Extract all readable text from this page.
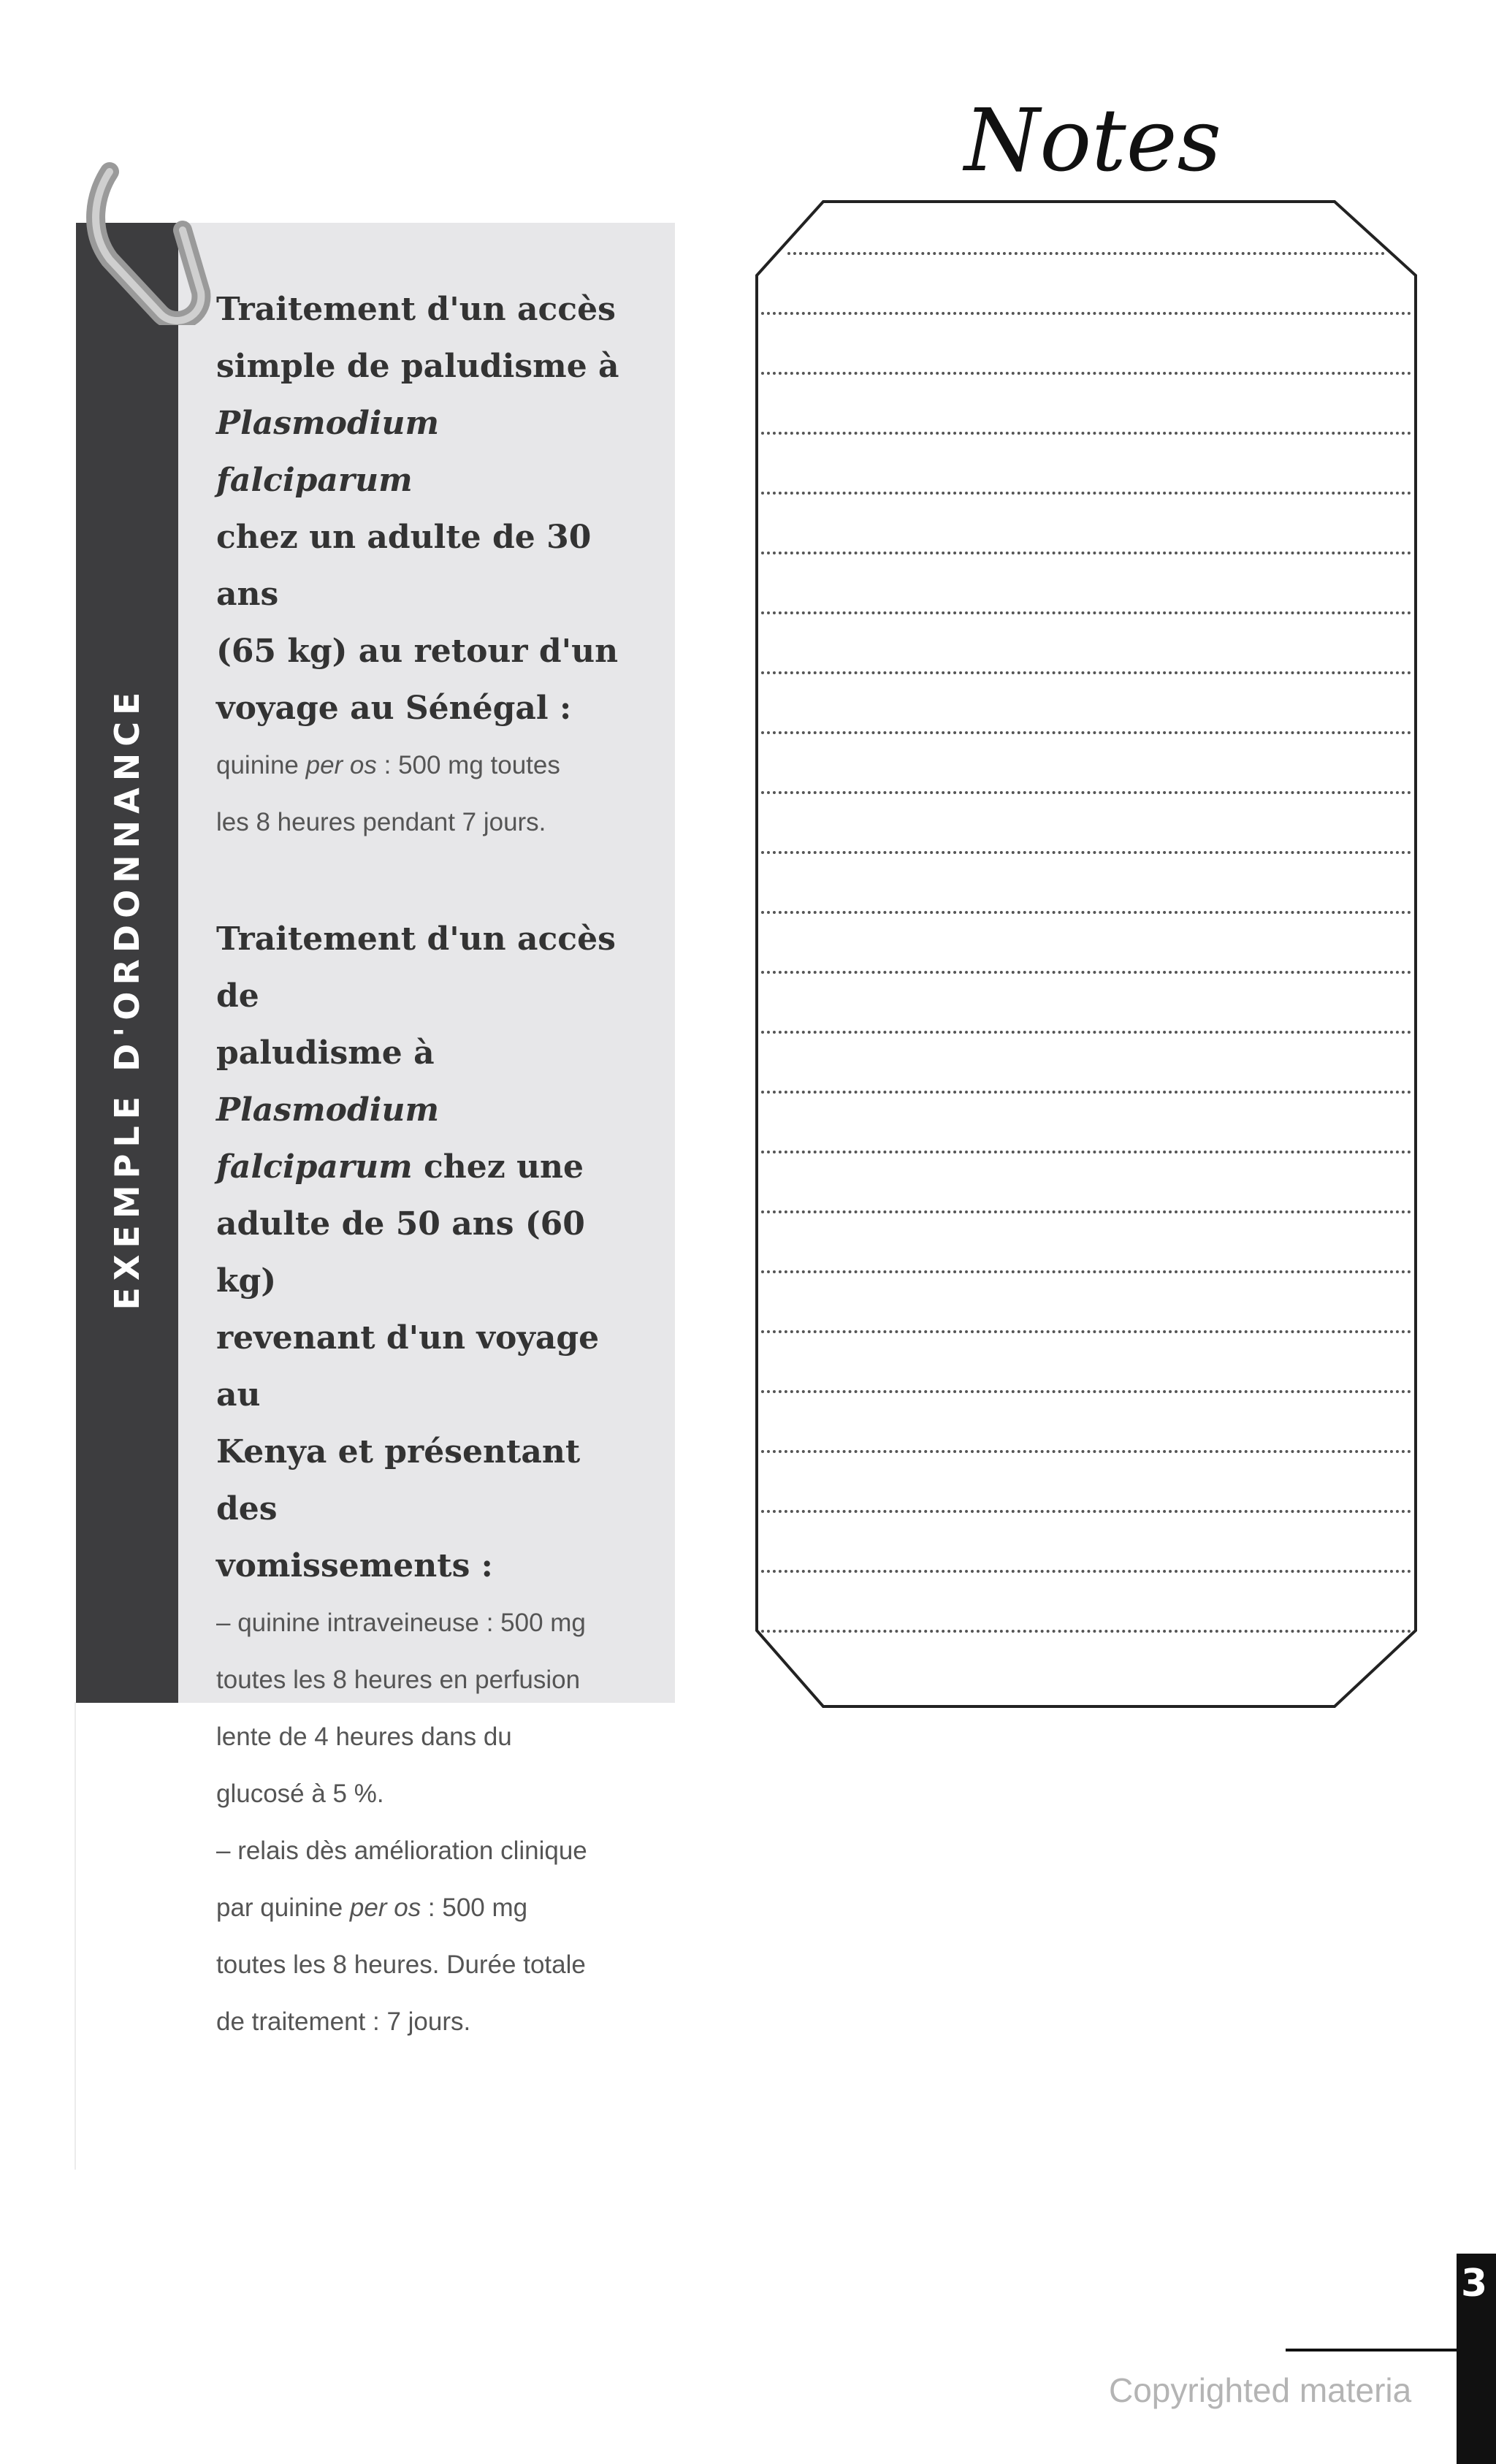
EXEMPLE D'ORDONNANCE
Traitement d'un accès
simple de paludisme à
Plasmodium falciparum
chez un adulte de 30 ans
(65 kg) au retour d'un
voyage au Sénégal :
quinine per os : 500 mg toutes
les 8 heures pendant 7 jours.
Traitement d'un accès de
paludisme à Plasmodium
falciparum chez une
adulte de 50 ans (60 kg)
revenant d'un voyage au
Kenya et présentant des
vomissements :
– quinine intraveineuse : 500 mg
toutes les 8 heures en perfusion
lente de 4 heures dans du
glucosé à 5 %.
– relais dès amélioration clinique
par quinine per os : 500 mg
toutes les 8 heures. Durée totale
de traitement : 7 jours.
Notes
3
Copyrighted materia
